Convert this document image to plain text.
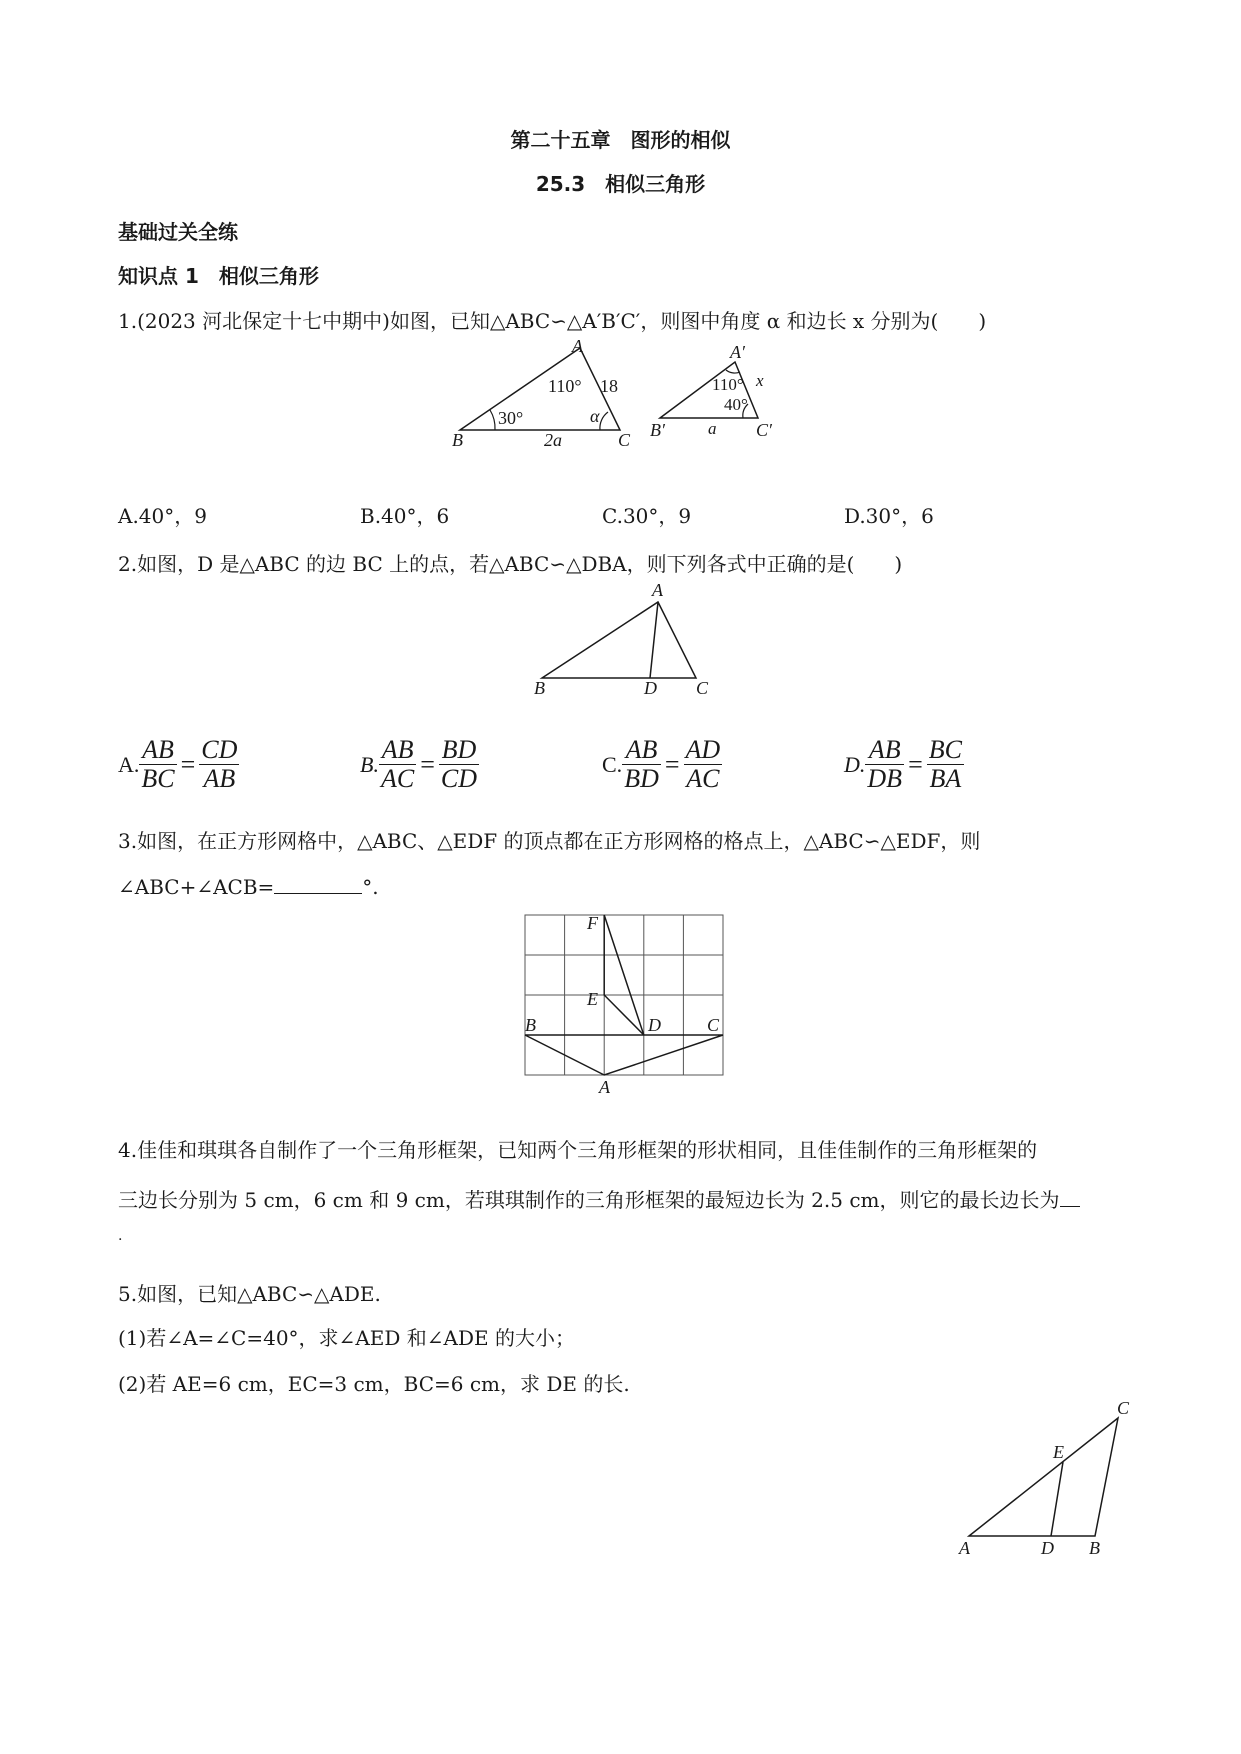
第二十五章　图形的相似
25.3　相似三角形
基础过关全练
知识点 1　相似三角形
1.(2023 河北保定十七中期中)如图，已知△ABC∽△A′B′C′，则图中角度 α 和边长 x 分别为(　　)
A
B	C
110°
30°	α
18
2a
A′
B′	C′
110°
40°
x
a
A.40°，9	B.40°，6	C.30°，9	D.30°，6
2.如图，D 是△ABC 的边 BC 上的点，若△ABC∽△DBA，则下列各式中正确的是(　　)
A
B	D C
A. $\frac{AB}{BC} = \frac{CD}{AB}$	B. $\frac{AB}{AC} = \frac{BD}{CD}$	C. $\frac{AB}{BD} = \frac{AD}{AC}$	D. $\frac{AB}{DB} = \frac{BC}{BA}$
3.如图，在正方形网格中，△ABC、△EDF 的顶点都在正方形网格的格点上，△ABC∽△EDF，则
∠ABC+∠ACB=	°.
F
E
B	D	C
A
4.佳佳和琪琪各自制作了一个三角形框架，已知两个三角形框架的形状相同，且佳佳制作的三角形框架的
三边长分别为 5 cm，6 cm 和 9 cm，若琪琪制作的三角形框架的最短边长为 2.5 cm，则它的最长边长为
.
5.如图，已知△ABC∽△ADE.
(1)若∠A=∠C=40°，求∠AED 和∠ADE 的大小；
(2)若 AE=6 cm，EC=3 cm，BC=6 cm，求 DE 的长.
C
E
A	D B
